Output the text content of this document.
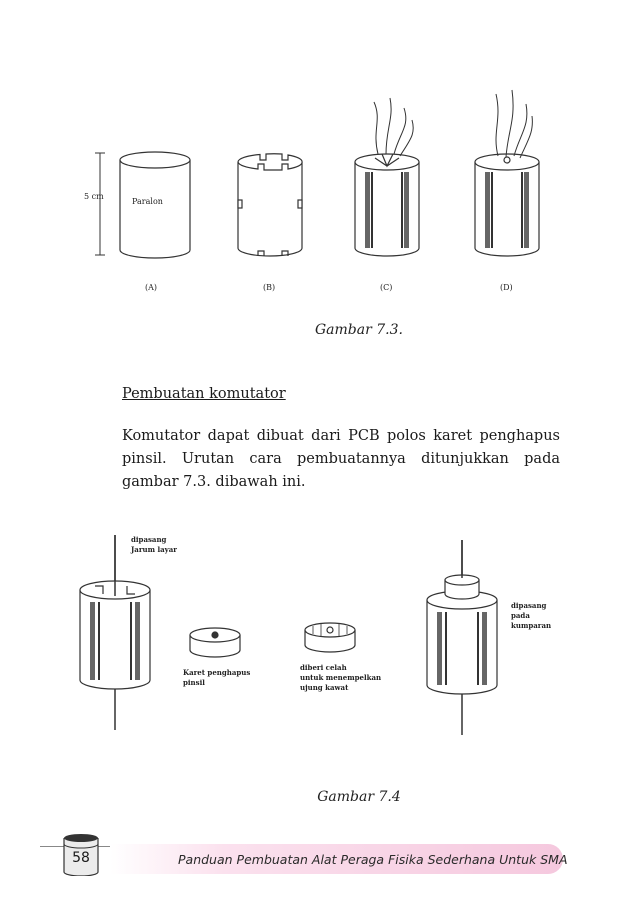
5 cm
Paralon
(A)	(B)	(C)	(D)
Gambar 7.3.
Pembuatan komutator
Komutator dapat dibuat dari PCB polos karet penghapus pinsil. Urutan cara pembuatannya ditunjukkan pada gambar 7.3. dibawah ini.
dipasang
Jarum layar
Karet penghapus
pinsil
diberi celah
untuk menempelkan
ujung kawat
dipasang
pada
kumparan
Gambar 7.4
58	Panduan Pembuatan Alat Peraga Fisika Sederhana Untuk SMA
